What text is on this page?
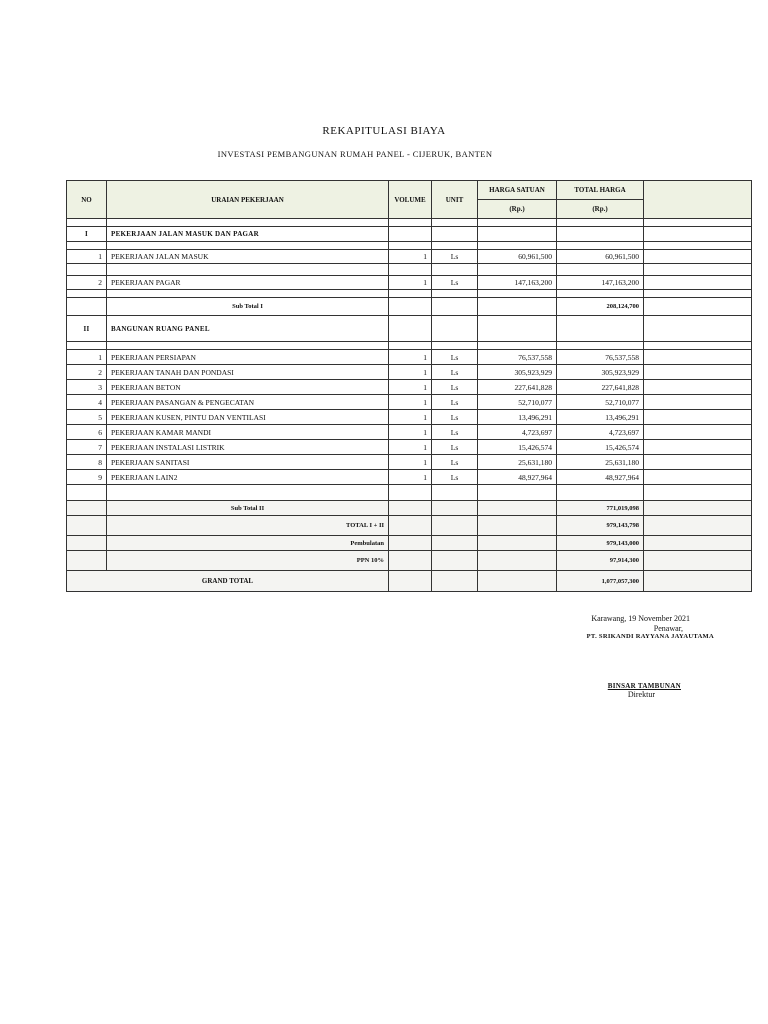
REKAPITULASI BIAYA
INVESTASI PEMBANGUNAN RUMAH PANEL - CIJERUK, BANTEN
NO	URAIAN PEKERJAAN	VOLUME	UNIT	HARGA SATUAN	TOTAL HARGA	
				(Rp.)	(Rp.)	

I	PEKERJAAN JALAN MASUK DAN PAGAR					

1	PEKERJAAN JALAN MASUK	1	Ls	60,961,500	60,961,500	

2	PEKERJAAN PAGAR	1	Ls	147,163,200	147,163,200	

	Sub Total I				208,124,700	
II	BANGUNAN RUANG PANEL					

1	PEKERJAAN PERSIAPAN	1	Ls	76,537,558	76,537,558	
2	PEKERJAAN TANAH DAN PONDASI	1	Ls	305,923,929	305,923,929	
3	PEKERJAAN BETON	1	Ls	227,641,828	227,641,828	
4	PEKERJAAN PASANGAN & PENGECATAN	1	Ls	52,710,077	52,710,077	
5	PEKERJAAN KUSEN, PINTU DAN VENTILASI	1	Ls	13,496,291	13,496,291	
6	PEKERJAAN KAMAR MANDI	1	Ls	4,723,697	4,723,697	
7	PEKERJAAN INSTALASI LISTRIK	1	Ls	15,426,574	15,426,574	
8	PEKERJAAN SANITASI	1	Ls	25,631,180	25,631,180	
9	PEKERJAAN LAIN2	1	Ls	48,927,964	48,927,964	

	Sub Total II				771,019,098	
	TOTAL I + II				979,143,798	
	Pembulatan				979,143,000	
	PPN 10%				97,914,300	
GRAND TOTAL					1,077,057,300	
Karawang, 19 November 2021
Penawar,
PT. SRIKANDI RAYYANA JAYAUTAMA
BINSAR TAMBUNAN
Direktur
